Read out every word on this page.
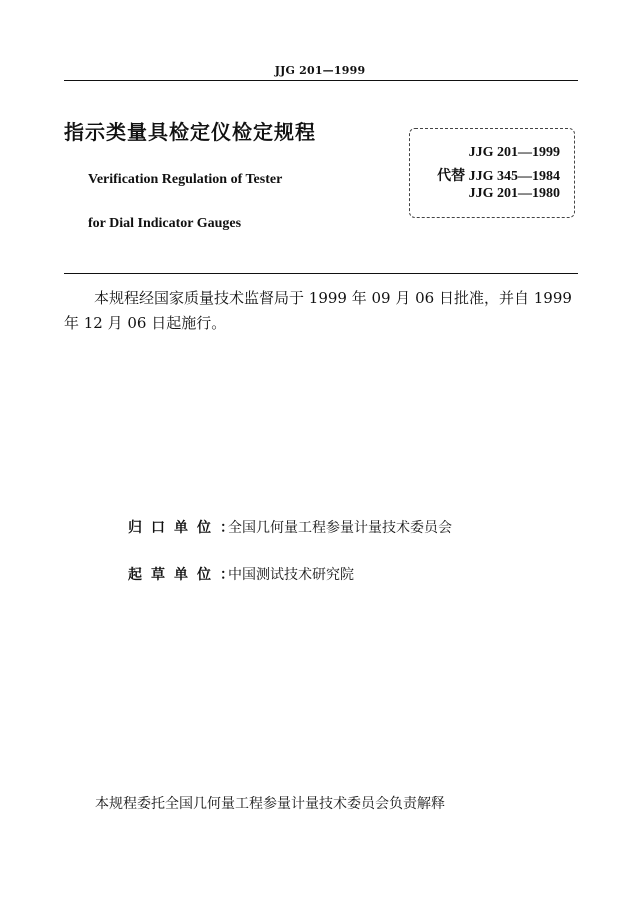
JJG 201—1999
指示类量具检定仪检定规程
Verification Regulation of Tester
for Dial Indicator Gauges
JJG 201—1999
代替 JJG 345—1984
JJG 201—1980
本规程经国家质量技术监督局于 1999 年 09 月 06 日批准，并自 1999 年 12 月 06 日起施行。
归口单位：全国几何量工程参量计量技术委员会
起草单位：中国测试技术研究院
本规程委托全国几何量工程参量计量技术委员会负责解释
